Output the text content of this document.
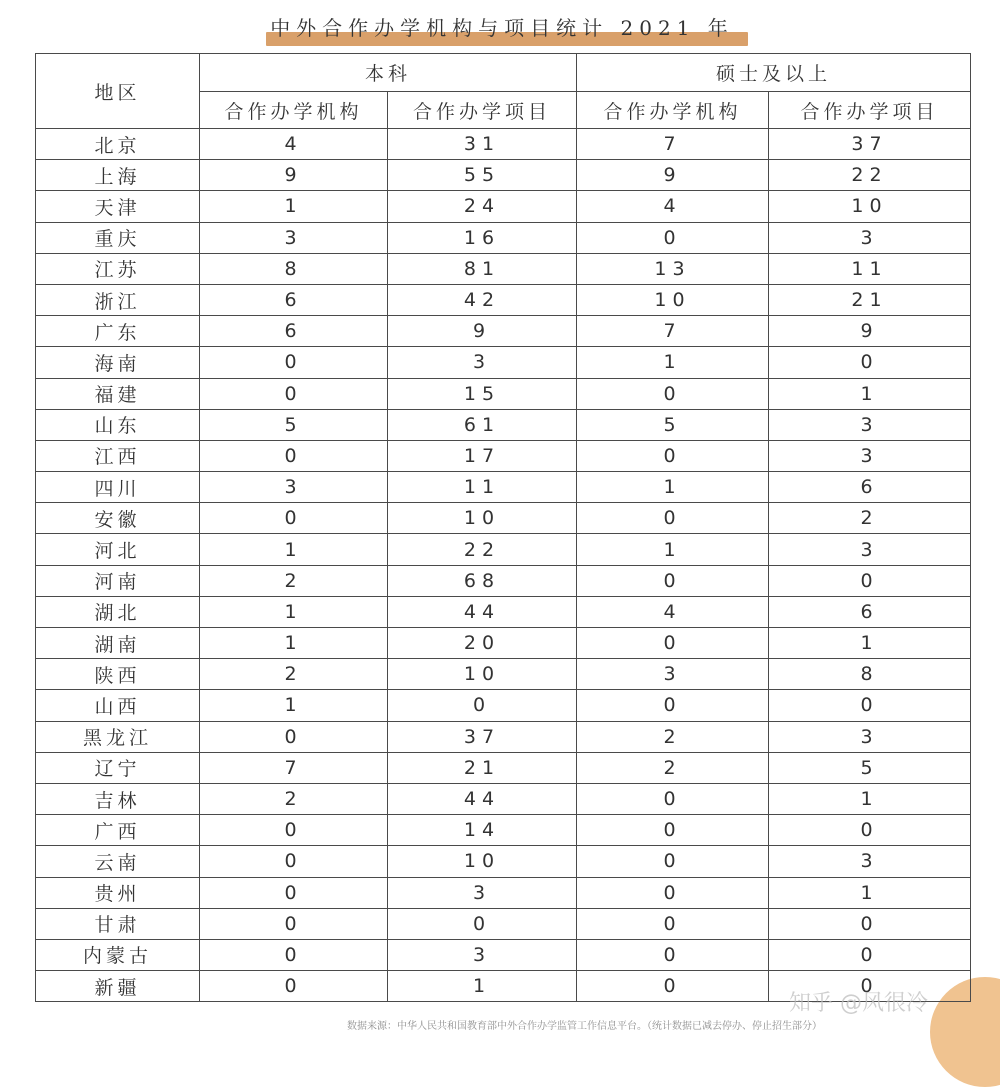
中外合作办学机构与项目统计 2021 年
地区	本科		硕士及以上	
	合作办学机构	合作办学项目	合作办学机构	合作办学项目
北京	4	31	7	37
上海	9	55	9	22
天津	1	24	4	10
重庆	3	16	0	3
江苏	8	81	13	11
浙江	6	42	10	21
广东	6	9	7	9
海南	0	3	1	0
福建	0	15	0	1
山东	5	61	5	3
江西	0	17	0	3
四川	3	11	1	6
安徽	0	10	0	2
河北	1	22	1	3
河南	2	68	0	0
湖北	1	44	4	6
湖南	1	20	0	1
陕西	2	10	3	8
山西	1	0	0	0
黑龙江	0	37	2	3
辽宁	7	21	2	5
吉林	2	44	0	1
广西	0	14	0	0
云南	0	10	0	3
贵州	0	3	0	1
甘肃	0	0	0	0
内蒙古	0	3	0	0
新疆	0	1	0	0
数据来源：中华人民共和国教育部中外合作办学监管工作信息平台。（统计数据已减去停办、停止招生部分）
知乎 @风很冷
